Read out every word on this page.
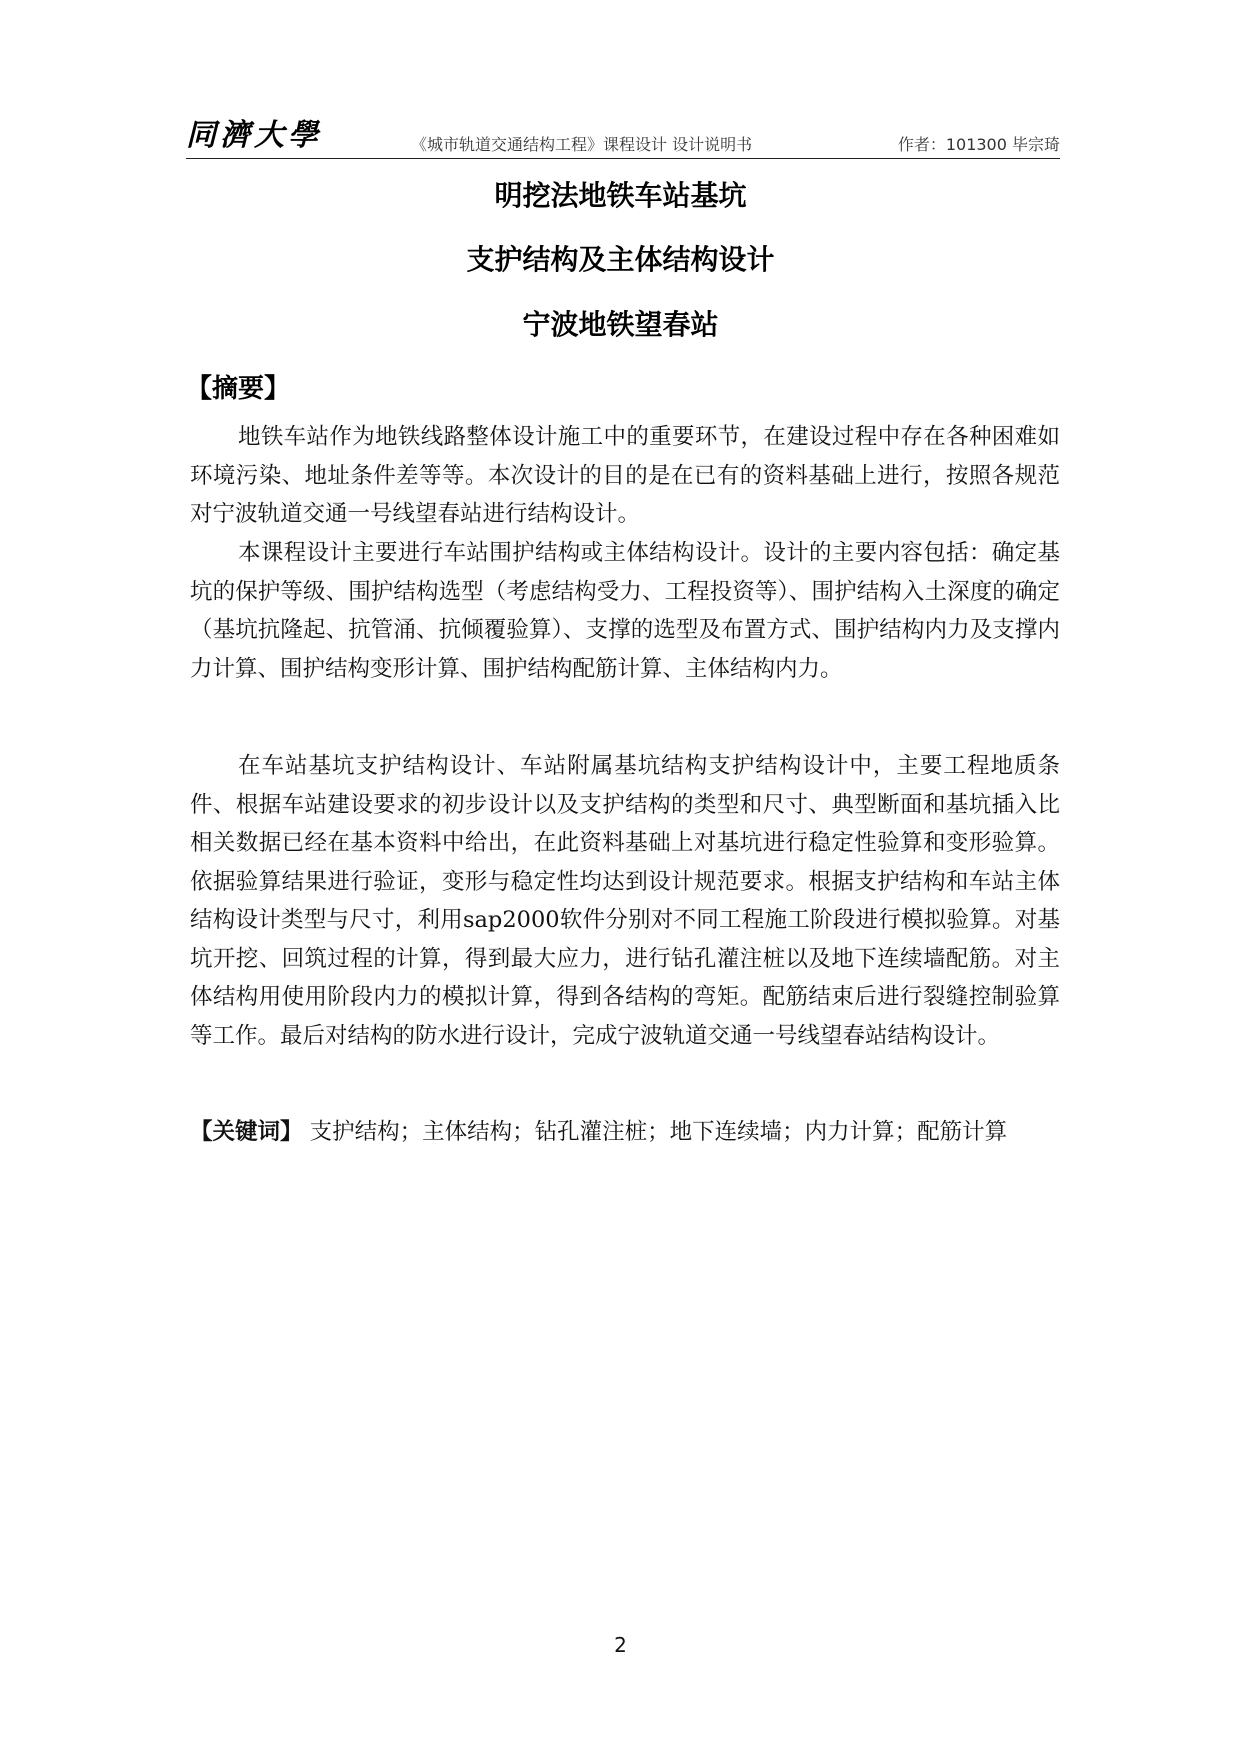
同濟大學	《城市轨道交通结构工程》课程设计 设计说明书	作者：101300 毕宗琦
明挖法地铁车站基坑
支护结构及主体结构设计
宁波地铁望春站
【摘要】

地铁车站作为地铁线路整体设计施工中的重要环节，在建设过程中存在各种困难如环境污染、地址条件差等等。本次设计的目的是在已有的资料基础上进行，按照各规范对宁波轨道交通一号线望春站进行结构设计。

本课程设计主要进行车站围护结构或主体结构设计。设计的主要内容包括：确定基坑的保护等级、围护结构选型（考虑结构受力、工程投资等）、围护结构入土深度的确定（基坑抗隆起、抗管涌、抗倾覆验算）、支撑的选型及布置方式、围护结构内力及支撑内力计算、围护结构变形计算、围护结构配筋计算、主体结构内力。

在车站基坑支护结构设计、车站附属基坑结构支护结构设计中，主要工程地质条件、根据车站建设要求的初步设计以及支护结构的类型和尺寸、典型断面和基坑插入比相关数据已经在基本资料中给出，在此资料基础上对基坑进行稳定性验算和变形验算。依据验算结果进行验证，变形与稳定性均达到设计规范要求。根据支护结构和车站主体结构设计类型与尺寸，利用sap2000软件分别对不同工程施工阶段进行模拟验算。对基坑开挖、回筑过程的计算，得到最大应力，进行钻孔灌注桩以及地下连续墙配筋。对主体结构用使用阶段内力的模拟计算，得到各结构的弯矩。配筋结束后进行裂缝控制验算等工作。最后对结构的防水进行设计，完成宁波轨道交通一号线望春站结构设计。

【关键词】 支护结构；主体结构；钻孔灌注桩；地下连续墙；内力计算；配筋计算

2
